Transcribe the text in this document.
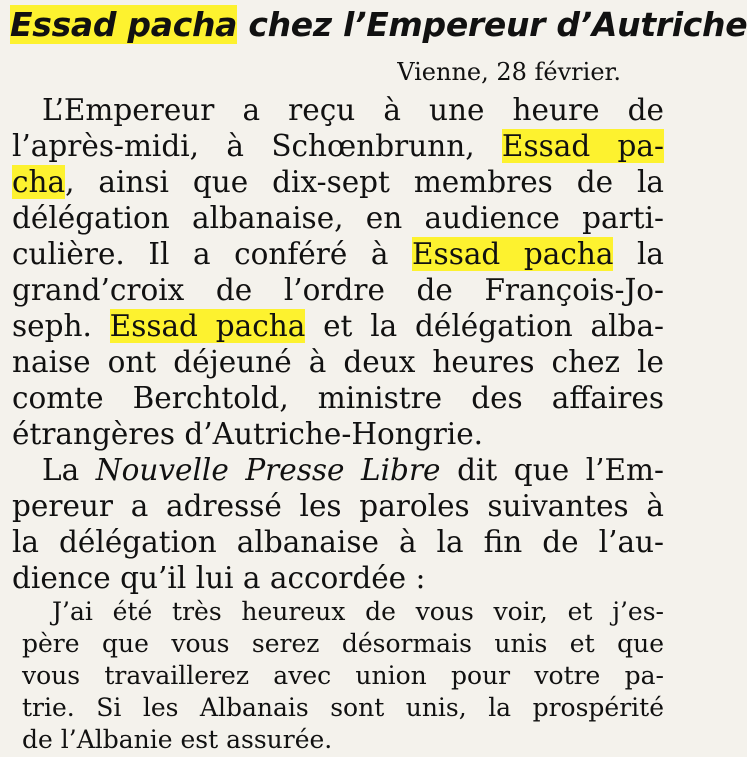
Essad pacha chez l’Empereur d’Autriche
Vienne, 28 février.
L’Empereur a reçu à une heure de
l’après-midi, à Schœnbrunn, Essad pa-
cha, ainsi que dix-sept membres de la
délégation albanaise, en audience parti-
culière. Il a conféré à Essad pacha la
grand’croix de l’ordre de François-Jo-
seph. Essad pacha et la délégation alba-
naise ont déjeuné à deux heures chez le
comte Berchtold, ministre des affaires
étrangères d’Autriche-Hongrie.
La Nouvelle Presse Libre dit que l’Em-
pereur a adressé les paroles suivantes à
la délégation albanaise à la fin de l’au-
dience qu’il lui a accordée :
J’ai été très heureux de vous voir, et j’es-
père que vous serez désormais unis et que
vous travaillerez avec union pour votre pa-
trie. Si les Albanais sont unis, la prospérité
de l’Albanie est assurée.
